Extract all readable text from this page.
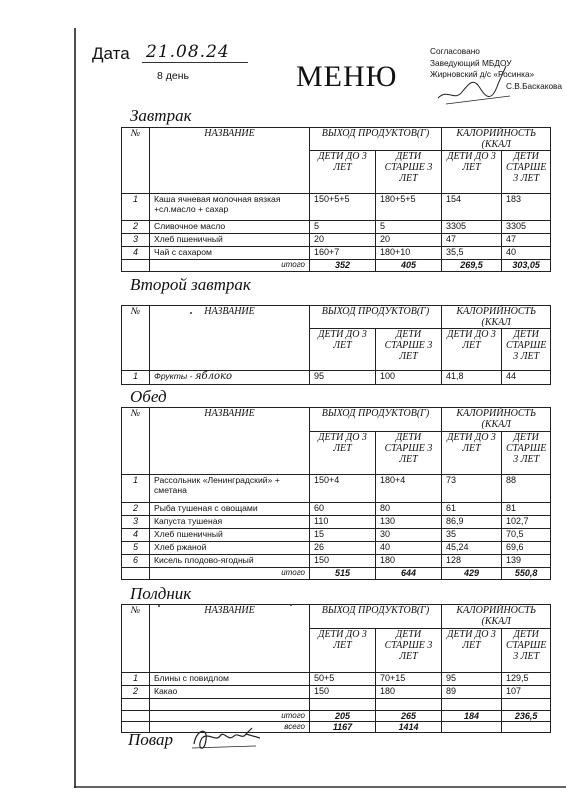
Дата 21.08.24
8 день	МЕНЮ
Согласовано
Заведующий МБДОУ
Жирновский д/с «Росинка»
С.В.Баскакова
Завтрак
№	НАЗВАНИЕ	ВЫХОД ПРОДУКТОВ(Г)		КАЛОРИЙНОСТЬ (ККАЛ	
		ДЕТИ ДО 3 ЛЕТ	ДЕТИ СТАРШЕ 3 ЛЕТ	ДЕТИ ДО 3 ЛЕТ	ДЕТИ СТАРШЕ 3 ЛЕТ
1	Каша ячневая молочная вязкая +сл.масло + сахар	150+5+5	180+5+5	154	183
2	Сливочное масло	5	5	3305	3305
3	Хлеб пшеничный	20	20	47	47
4	Чай с сахаром	160+7	180+10	35,5	40
	итого	352	405	269,5	303,05
Второй завтрак
№	НАЗВАНИЕ	ВЫХОД ПРОДУКТОВ(Г)		КАЛОРИЙНОСТЬ (ККАЛ	
		ДЕТИ ДО 3 ЛЕТ	ДЕТИ СТАРШЕ 3 ЛЕТ	ДЕТИ ДО 3 ЛЕТ	ДЕТИ СТАРШЕ 3 ЛЕТ
1	Фрукты - яблоко	95	100	41,8	44
Обед
№	НАЗВАНИЕ	ВЫХОД ПРОДУКТОВ(Г)		КАЛОРИЙНОСТЬ (ККАЛ	
		ДЕТИ ДО 3 ЛЕТ	ДЕТИ СТАРШЕ 3 ЛЕТ	ДЕТИ ДО 3 ЛЕТ	ДЕТИ СТАРШЕ 3 ЛЕТ
1	Рассольник «Ленинградский» + сметана	150+4	180+4	73	88
2	Рыба тушеная с овощами	60	80	61	81
3	Капуста тушеная	110	130	86,9	102,7
4	Хлеб пшеничный	15	30	35	70,5
5	Хлеб ржаной	26	40	45,24	69,6
6	Кисель плодово-ягодный	150	180	128	139
	итого	515	644	429	550,8
Полдник
№	НАЗВАНИЕ	ВЫХОД ПРОДУКТОВ(Г)		КАЛОРИЙНОСТЬ (ККАЛ	
		ДЕТИ ДО 3 ЛЕТ	ДЕТИ СТАРШЕ 3 ЛЕТ	ДЕТИ ДО 3 ЛЕТ	ДЕТИ СТАРШЕ 3 ЛЕТ
1	Блины с повидлом	50+5	70+15	95	129,5
2	Какао	150	180	89	107

	итого	205	265	184	236,5
	всего	1167	1414		
Повар
